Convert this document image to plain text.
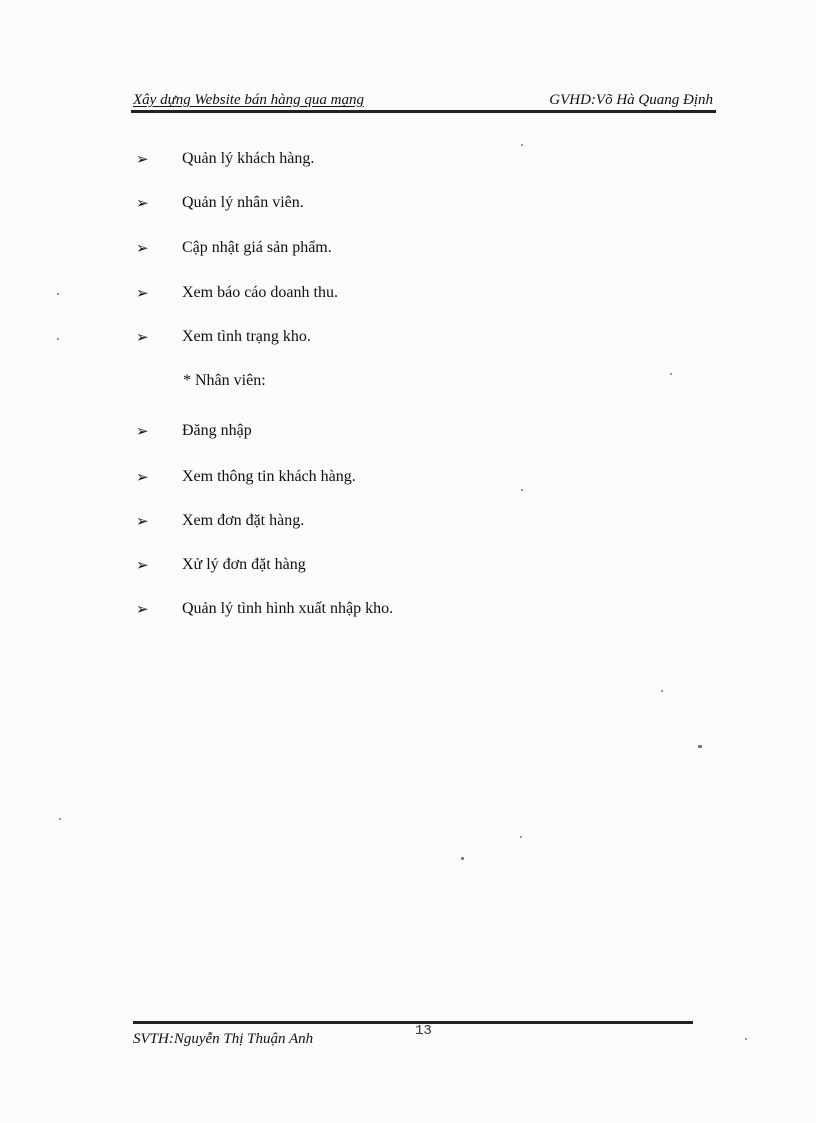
Xây dựng Website bán hàng qua mạng	GVHD:Võ Hà Quang Định
➢	Quản lý khách hàng.
➢	Quản lý nhân viên.
➢	Cập nhật giá sản phẩm.
➢	Xem báo cáo doanh thu.
➢	Xem tình trạng kho.
* Nhân viên:
➢	Đăng nhập
➢	Xem thông tin khách hàng.
➢	Xem đơn đặt hàng.
➢	Xử lý đơn đặt hàng
➢	Quản lý tình hình xuất nhập kho.
13
SVTH:Nguyễn Thị Thuận Anh
